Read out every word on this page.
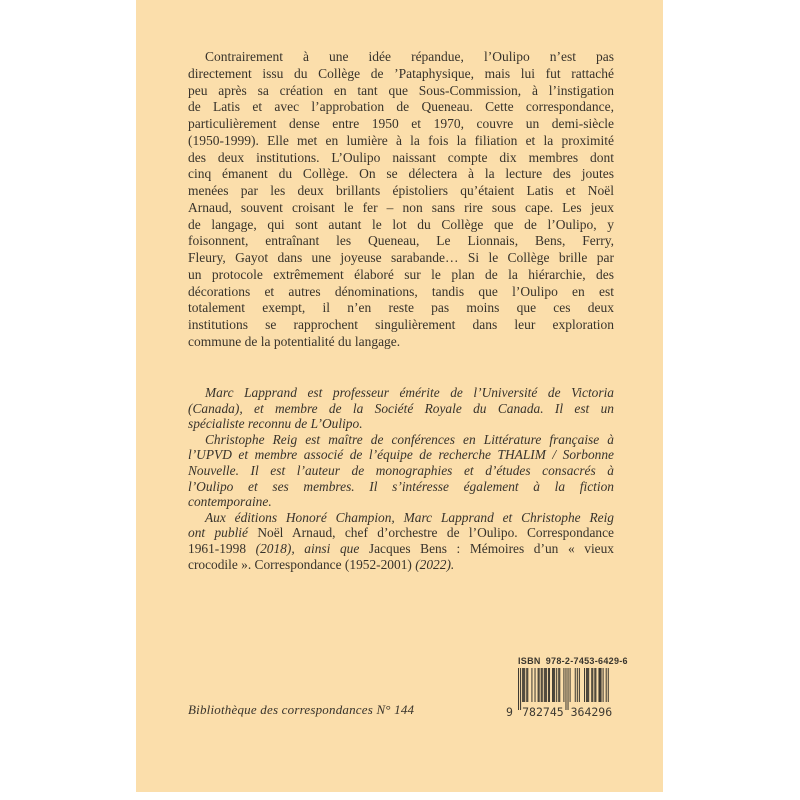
Contrairement à une idée répandue, l’Oulipo n’est pas
directement issu du Collège de ’Pataphysique, mais lui fut rattaché
peu après sa création en tant que Sous-Commission, à l’instigation
de Latis et avec l’approbation de Queneau. Cette correspondance,
particulièrement dense entre 1950 et 1970, couvre un demi-siècle
(1950-1999). Elle met en lumière à la fois la filiation et la proximité
des deux institutions. L’Oulipo naissant compte dix membres dont
cinq émanent du Collège. On se délectera à la lecture des joutes
menées par les deux brillants épistoliers qu’étaient Latis et Noël
Arnaud, souvent croisant le fer – non sans rire sous cape. Les jeux
de langage, qui sont autant le lot du Collège que de l’Oulipo, y
foisonnent, entraînant les Queneau, Le Lionnais, Bens, Ferry,
Fleury, Gayot dans une joyeuse sarabande… Si le Collège brille par
un protocole extrêmement élaboré sur le plan de la hiérarchie, des
décorations et autres dénominations, tandis que l’Oulipo en est
totalement exempt, il n’en reste pas moins que ces deux
institutions se rapprochent singulièrement dans leur exploration
commune de la potentialité du langage.
Marc Lapprand est professeur émérite de l’Université de Victoria
(Canada), et membre de la Société Royale du Canada. Il est un
spécialiste reconnu de L’Oulipo.
Christophe Reig est maître de conférences en Littérature française à
l’UPVD et membre associé de l’équipe de recherche THALIM / Sorbonne
Nouvelle. Il est l’auteur de monographies et d’études consacrés à
l’Oulipo et ses membres. Il s’intéresse également à la fiction
contemporaine.
Aux éditions Honoré Champion, Marc Lapprand et Christophe Reig
ont publié Noël Arnaud, chef d’orchestre de l’Oulipo. Correspondance
1961-1998 (2018), ainsi que Jacques Bens : Mémoires d’un « vieux
crocodile ». Correspondance (1952-2001) (2022).
Bibliothèque des correspondances N° 144
ISBN 978-2-7453-6429-6
9 782745 364296
